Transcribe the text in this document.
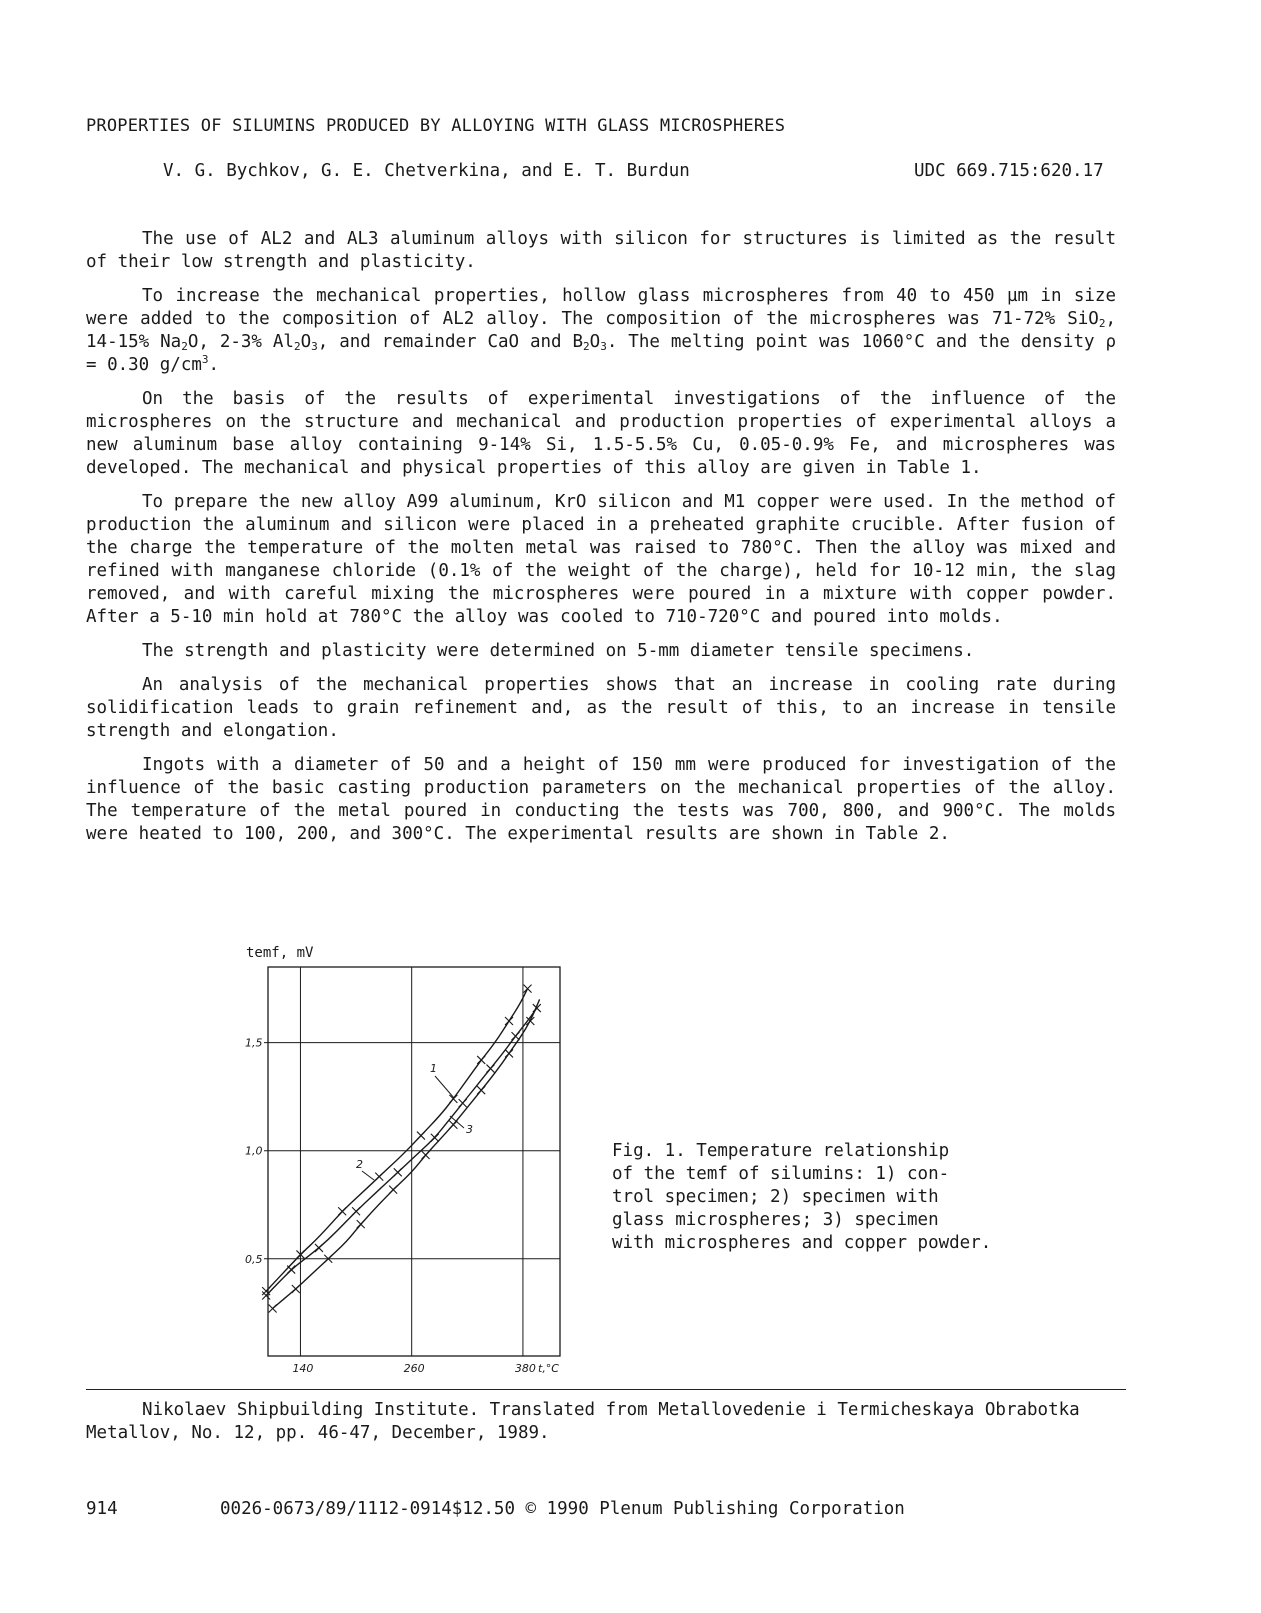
PROPERTIES OF SILUMINS PRODUCED BY ALLOYING WITH GLASS MICROSPHERES
V. G. Bychkov, G. E. Chetverkina, and E. T. Burdun	UDC 669.715:620.17

The use of AL2 and AL3 aluminum alloys with silicon for structures is limited as the result of their low strength and plasticity.

To increase the mechanical properties, hollow glass microspheres from 40 to 450 µm in size were added to the composition of AL2 alloy. The composition of the microspheres was 71-72% SiO$_2$, 14-15% $Na_2O$, 2-3% $Al_2O_3$, and remainder CaO and $B_2O_3$. The melting point was 1060°C and the density ρ = 0.30 $g/cm^3$.

On the basis of the results of experimental investigations of the influence of the microspheres on the structure and mechanical and production properties of experimental alloys a new aluminum base alloy containing 9-14% Si, 1.5-5.5% Cu, 0.05-0.9% Fe, and microspheres was developed. The mechanical and physical properties of this alloy are given in Table 1.

To prepare the new alloy A99 aluminum, KrO silicon and M1 copper were used. In the method of production the aluminum and silicon were placed in a preheated graphite crucible. After fusion of the charge the temperature of the molten metal was raised to 780°C. Then the alloy was mixed and refined with manganese chloride (0.1% of the weight of the charge), held for 10-12 min, the slag removed, and with careful mixing the microspheres were poured in a mixture with copper powder. After a 5-10 min hold at 780°C the alloy was cooled to 710-720°C and poured into molds.

The strength and plasticity were determined on 5-mm diameter tensile specimens.

An analysis of the mechanical properties shows that an increase in cooling rate during solidification leads to grain refinement and, as the result of this, to an increase in tensile strength and elongation.

Ingots with a diameter of 50 and a height of 150 mm were produced for investigation of the influence of the basic casting production parameters on the mechanical properties of the alloy. The temperature of the metal poured in conducting the tests was 700, 800, and 900°C. The molds were heated to 100, 200, and 300°C. The experimental results are shown in Table 2.

140	260	380
0,5
1,0
1,5
temf, mV
t,°C
1
2
3
Fig. 1. Temperature relationship
of the temf of silumins: 1) con-
trol specimen; 2) specimen with
glass microspheres; 3) specimen
with microspheres and copper powder.

Nikolaev Shipbuilding Institute. Translated from Metallovedenie i Termicheskaya Obrabotka Metallov, No. 12, pp. 46-47, December, 1989.

914	0026-0673/89/1112-0914$12.50 © 1990 Plenum Publishing Corporation
